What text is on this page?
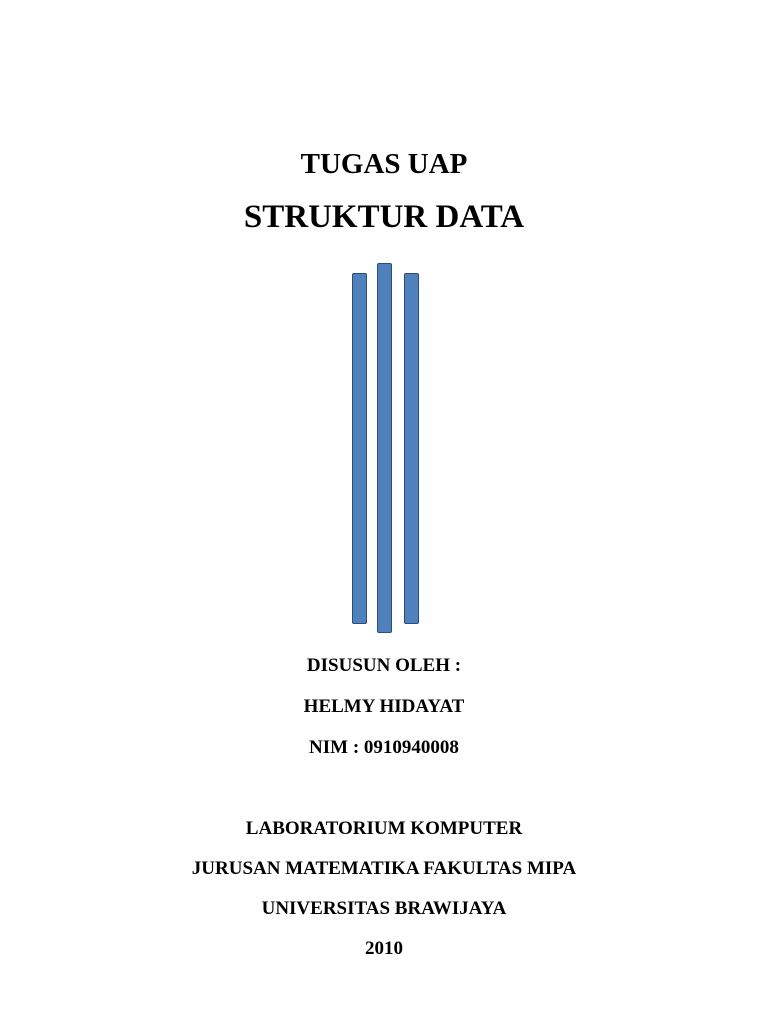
TUGAS UAP
STRUKTUR DATA
DISUSUN OLEH :
HELMY HIDAYAT
NIM : 0910940008
LABORATORIUM KOMPUTER
JURUSAN MATEMATIKA FAKULTAS MIPA
UNIVERSITAS BRAWIJAYA
2010
